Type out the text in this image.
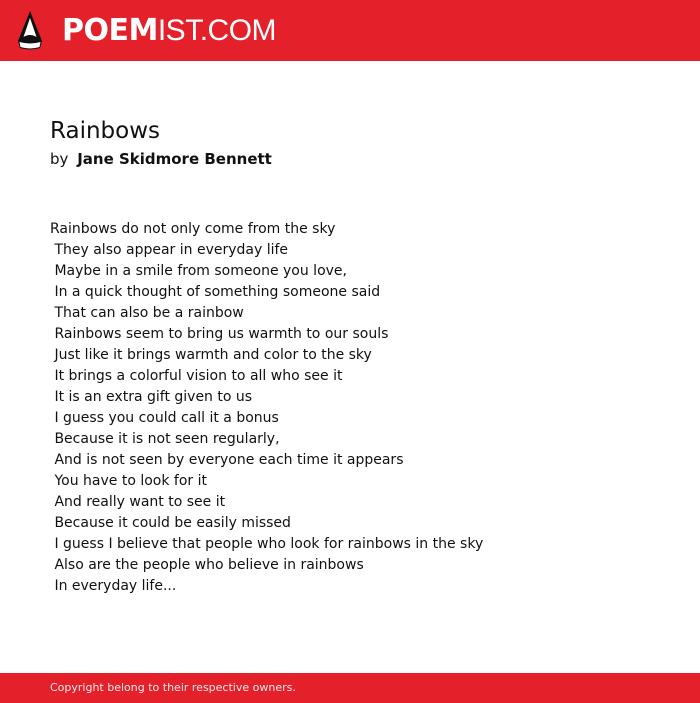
POEMIST.COM
Rainbows
by Jane Skidmore Bennett
Rainbows do not only come from the sky
They also appear in everyday life
Maybe in a smile from someone you love,
In a quick thought of something someone said
That can also be a rainbow
Rainbows seem to bring us warmth to our souls
Just like it brings warmth and color to the sky
It brings a colorful vision to all who see it
It is an extra gift given to us
I guess you could call it a bonus
Because it is not seen regularly,
And is not seen by everyone each time it appears
You have to look for it
And really want to see it
Because it could be easily missed
I guess I believe that people who look for rainbows in the sky
Also are the people who believe in rainbows
In everyday life...
Copyright belong to their respective owners.
